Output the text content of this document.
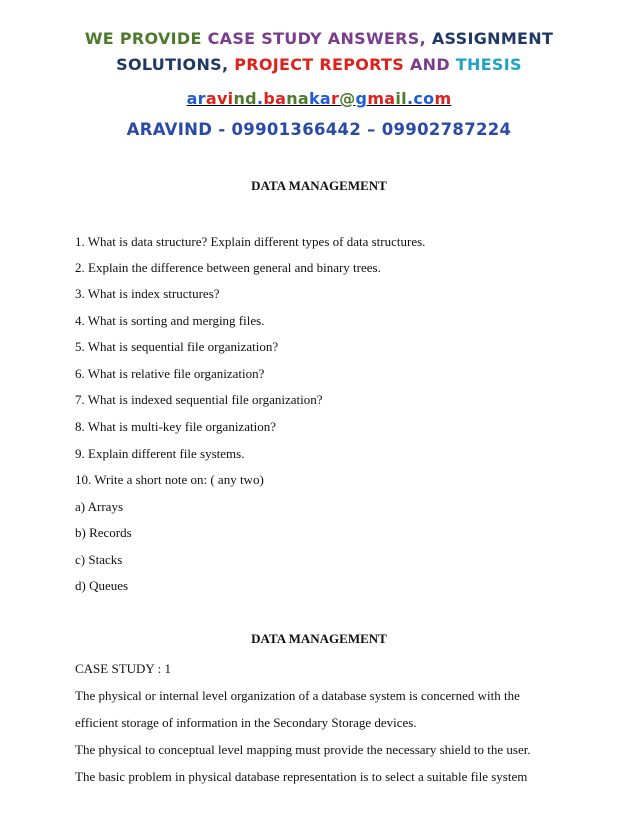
WE PROVIDE CASE STUDY ANSWERS, ASSIGNMENT
SOLUTIONS, PROJECT REPORTS AND THESIS
aravind.banakar@gmail.com
ARAVIND - 09901366442 – 09902787224
DATA MANAGEMENT
1. What is data structure? Explain different types of data structures.
2. Explain the difference between general and binary trees.
3. What is index structures?
4. What is sorting and merging files.
5. What is sequential file organization?
6. What is relative file organization?
7. What is indexed sequential file organization?
8. What is multi-key file organization?
9. Explain different file systems.
10. Write a short note on: ( any two)
a) Arrays
b) Records
c) Stacks
d) Queues
DATA MANAGEMENT
CASE STUDY : 1
The physical or internal level organization of a database system is concerned with the
efficient storage of information in the Secondary Storage devices.
The physical to conceptual level mapping must provide the necessary shield to the user.
The basic problem in physical database representation is to select a suitable file system
